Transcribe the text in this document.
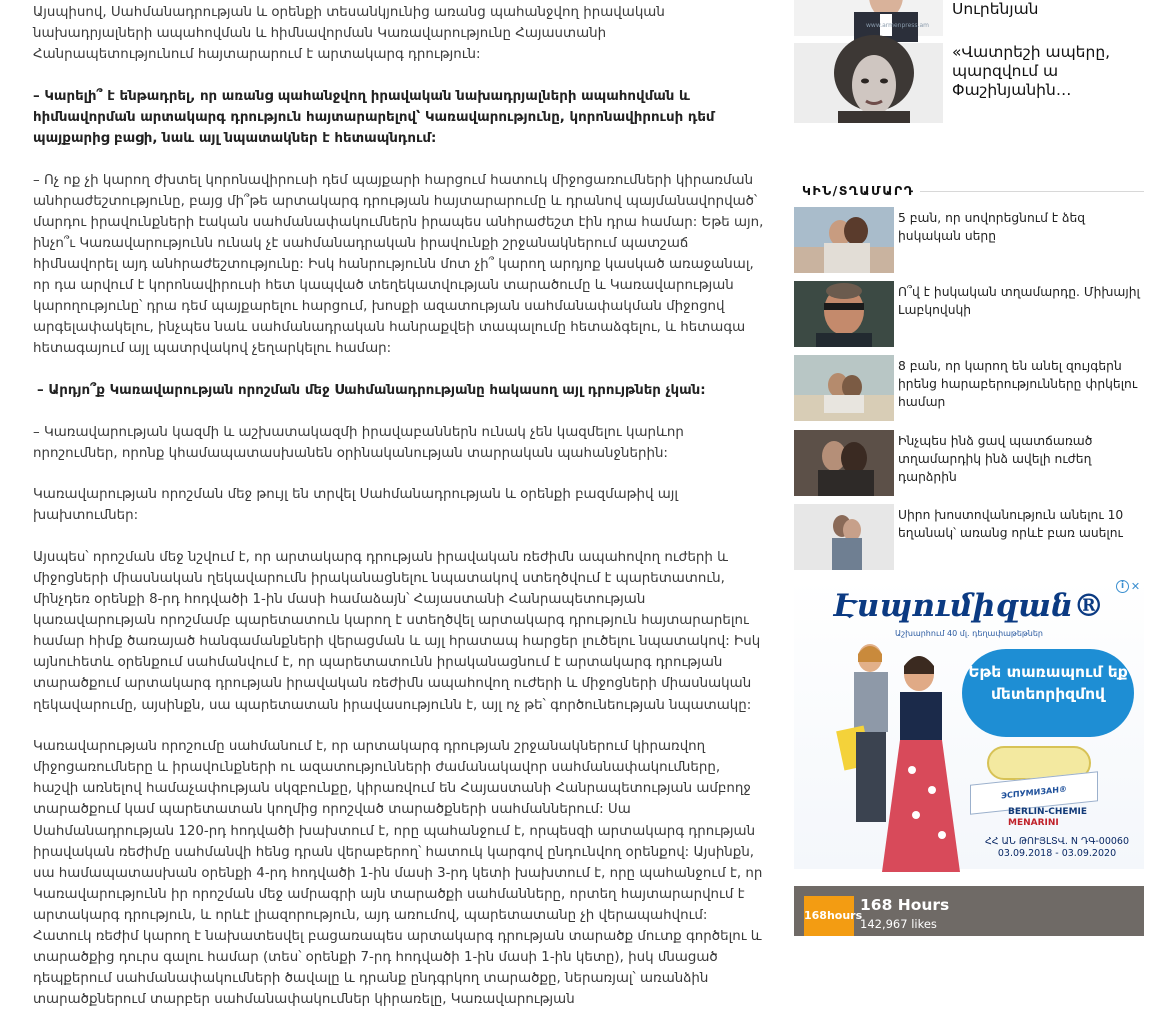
Այսպիսով, Սահմանադրության և օրենքի տեսանկյունից առանց պահանջվող իրավական նախադրյալների ապահովման և հիմնավորման Կառավարությունը Հայաստանի Հանրապետությունում հայտարարում է արտակարգ դրություն:

– Կարելի՞ է ենթադրել, որ առանց պահանջվող իրավական նախադրյալների ապահովման և հիմնավորման արտակարգ դրություն հայտարարելով՝ Կառավարությունը, կորոնավիրուսի դեմ պայքարից բացի, նաև այլ նպատակներ է հետապնդում:

– Ոչ ոք չի կարող ժխտել կորոնավիրուսի դեմ պայքարի հարցում հատուկ միջոցառումների կիրառման անհրաժեշտությունը, բայց մի՞թե արտակարգ դրության հայտարարումը և դրանով պայմանավորված՝ մարդու իրավունքների էական սահմանափակումներն իրապես անհրաժեշտ էին դրա համար: Եթե այո, ինչո՞ւ Կառավարությունն ունակ չէ սահմանադրական իրավունքի շրջանակներում պատշաճ հիմնավորել այդ անհրաժեշտությունը: Իսկ հանրությունն մոտ չի՞ կարող արդյոք կասկած առաջանալ, որ դա արվում է կորոնավիրուսի հետ կապված տեղեկատվության տարածումը և Կառավարության կարողությունը՝ դրա դեմ պայքարելու հարցում, խոսքի ազատության սահմանափակման միջոցով արգելափակելու, ինչպես նաև սահմանադրական հանրաքվեի տապալումը հետաձգելու, և հետագա հետագայում այլ պատրվակով չեղարկելու համար:

– Արդյո՞ք Կառավարության որոշման մեջ Սահմանադրությանը հակասող այլ դրույթներ չկան:

– Կառավարության կազմի և աշխատակազմի իրավաբաններն ունակ չեն կազմելու կարևոր որոշումներ, որոնք կհամապատասխանեն օրինականության տարրական պահանջներին:

Կառավարության որոշման մեջ թույլ են տրվել Սահմանադրության և օրենքի բազմաթիվ այլ խախտումներ:

Այսպես՝ որոշման մեջ նշվում է, որ արտակարգ դրության իրավական ռեժիմն ապահովող ուժերի և միջոցների միասնական ղեկավարումն իրականացնելու նպատակով ստեղծվում է պարետատուն, մինչդեռ օրենքի 8-րդ հոդվածի 1-ին մասի համաձայն՝ Հայաստանի Հանրապետության կառավարության որոշմամբ պարետատուն կարող է ստեղծվել արտակարգ դրություն հայտարարելու համար հիմք ծառայած հանգամանքների վերացման և այլ հրատապ հարցեր լուծելու նպատակով: Իսկ այնուհետև օրենքում սահմանվում է, որ պարետատունն իրականացնում է արտակարգ դրության տարածքում արտակարգ դրության իրավական ռեժիմն ապահովող ուժերի և միջոցների միասնական ղեկավարումը, այսինքն, սա պարետատան իրավասությունն է, այլ ոչ թե՝ գործունեության նպատակը:

Կառավարության որոշումը սահմանում է, որ արտակարգ դրության շրջանակներում կիրառվող միջոցառումները և իրավունքների ու ազատությունների ժամանակավոր սահմանափակումները, հաշվի առնելով համաչափության սկզբունքը, կիրառվում են Հայաստանի Հանրապետության ամբողջ տարածքում կամ պարետատան կողմից որոշված տարածքների սահմաններում: Սա Սահմանադրության 120-րդ հոդվածի խախտում է, որը պահանջում է, որպեսզի արտակարգ դրության իրավական ռեժիմը սահմանվի հենց դրան վերաբերող՝ հատուկ կարգով ընդունվող օրենքով: Այսինքն, սա համապատասխան օրենքի 4-րդ հոդվածի 1-ին մասի 3-րդ կետի խախտում է, որը պահանջում է, որ Կառավարությունն իր որոշման մեջ ամրագրի այն տարածքի սահմանները, որտեղ հայտարարվում է արտակարգ դրություն, և որևէ լիազորություն, այդ առումով, պարետատանը չի վերապահվում: Հատուկ ռեժիմ կարող է նախատեսվել բացառապես արտակարգ դրության տարածք մուտք գործելու և տարածքից դուրս գալու համար (տես՝ օրենքի 7-րդ հոդվածի 1-ին մասի 1-ին կետը), իսկ մնացած դեպքերում սահմանափակումների ծավալը և դրանք ընդգրկող տարածքը, ներառյալ՝ առանձին տարածքներում տարբեր սահմանափակումներ կիրառելը, Կառավարության

www.armenpress.am
Սուրենյան
«Վատրեշի ապերը, պարզվում ա Փաշինյանին…
ԿԻՆ/ՏՂԱՄԱՐԴ
5 բան, որ սովորեցնում է ձեզ իսկական սերը
Ո՞վ է իսկական տղամարդը. Միխայիլ Լաբկովսկի
8 բան, որ կարող են անել զույգերն իրենց հարաբերությունները փրկելու համար
Ինչպես ինձ ցավ պատճառած տղամարդիկ ինձ ավելի ուժեղ դարձրին
Սիրո խոստովանություն անելու 10 եղանակ՝ առանց որևէ բառ ասելու
i ✕
Էսպումիզան®
Աշխարհում 40 մլ. դեղափաթեթներ
Եթե տառապում եք
մետեորիզմով
ЭСПУМИЗАН®
BERLIN-CHEMIE
MENARINI
ՀՀ ԱՆ ԹՈՒՅԼՏՎ. N ԴԳ-00060
03.09.2018 - 03.09.2020
168hours
168 Hours
142,967 likes
